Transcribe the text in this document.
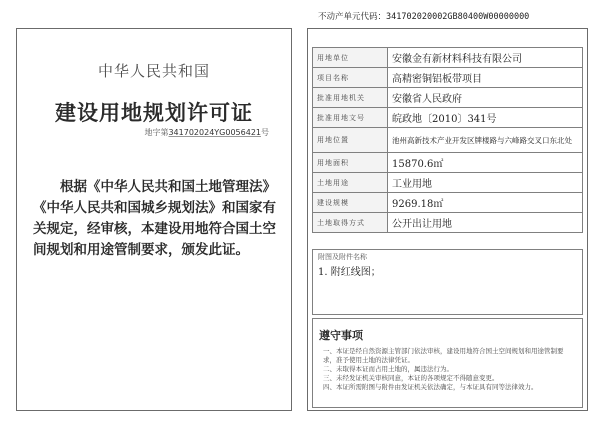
不动产单元代码：341702020002GB80400W00000000
中华人民共和国
建设用地规划许可证
地字第341702024YG0056421号
根据《中华人民共和国土地管理法》《中华人民共和国城乡规划法》和国家有关规定，经审核，本建设用地符合国土空间规划和用途管制要求，颁发此证。
用地单位	安徽金有新材料科技有限公司
项目名称	高精密铜铝板带项目
批准用地机关	安徽省人民政府
批准用地文号	皖政地〔2010〕341号
用地位置	池州高新技术产业开发区牌楼路与六峰路交叉口东北处
用地面积	15870.6㎡
土地用途	工业用地
建设规模	9269.18㎡
土地取得方式	公开出让用地
附图及附件名称
1. 附红线图；
遵守事项
一、本证是经自然资源主管部门依法审核，建设用地符合国土空间规划和用途管制要求，准予使用土地的法律凭证。
二、未取得本证而占用土地的，属违法行为。
三、未经发证机关审核同意，本证的各项规定不得随意变更。
四、本证所需附图与附件由发证机关依法确定，与本证具有同等法律效力。
